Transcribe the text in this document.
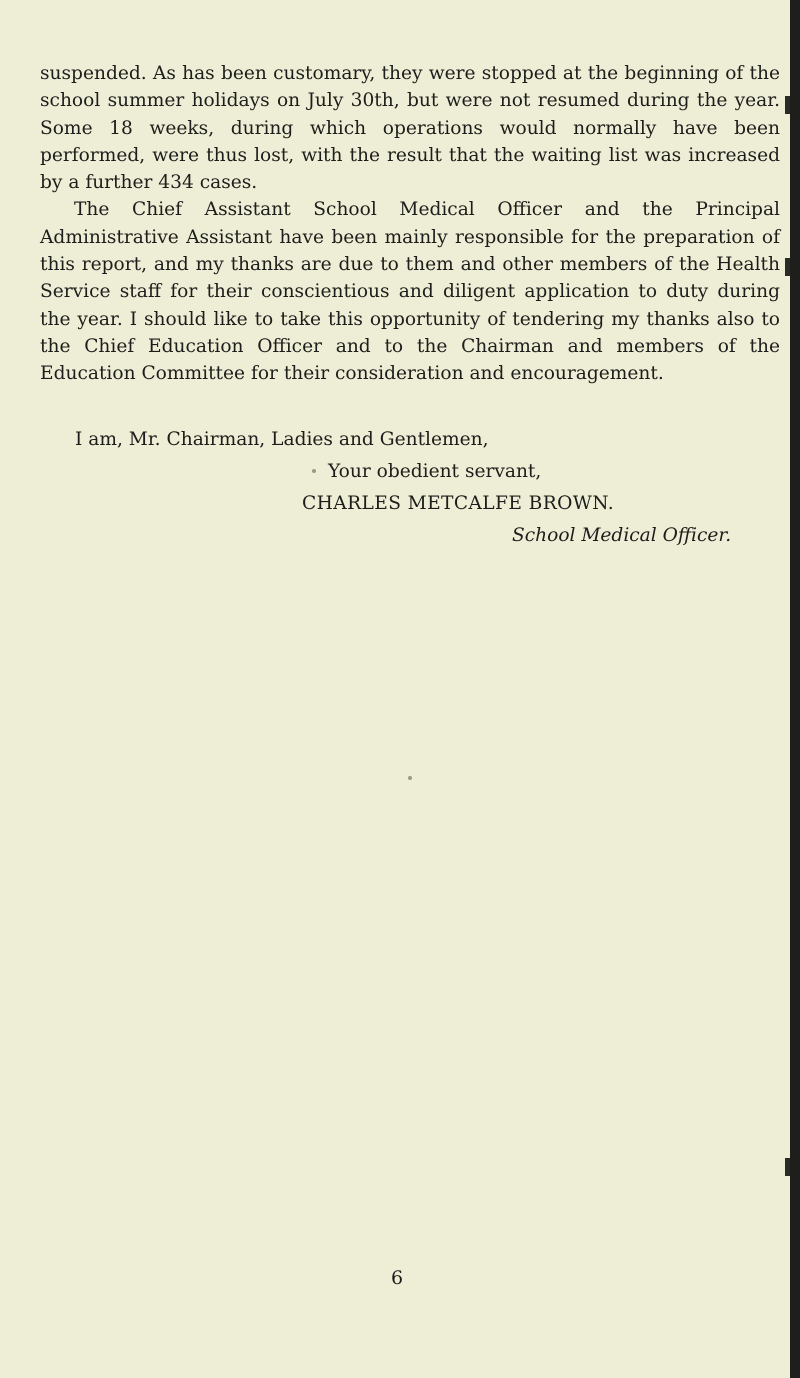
suspended. As has been customary, they were stopped at the beginning of the school summer holidays on July 30th, but were not resumed during the year. Some 18 weeks, during which operations would normally have been performed, were thus lost, with the result that the waiting list was increased by a further 434 cases.

The Chief Assistant School Medical Officer and the Principal Administrative Assistant have been mainly responsible for the preparation of this report, and my thanks are due to them and other members of the Health Service staff for their conscientious and diligent application to duty during the year. I should like to take this opportunity of tendering my thanks also to the Chief Education Officer and to the Chairman and members of the Education Committee for their consideration and encouragement.

I am, Mr. Chairman, Ladies and Gentlemen,
Your obedient servant,
CHARLES METCALFE BROWN.
School Medical Officer.
6
